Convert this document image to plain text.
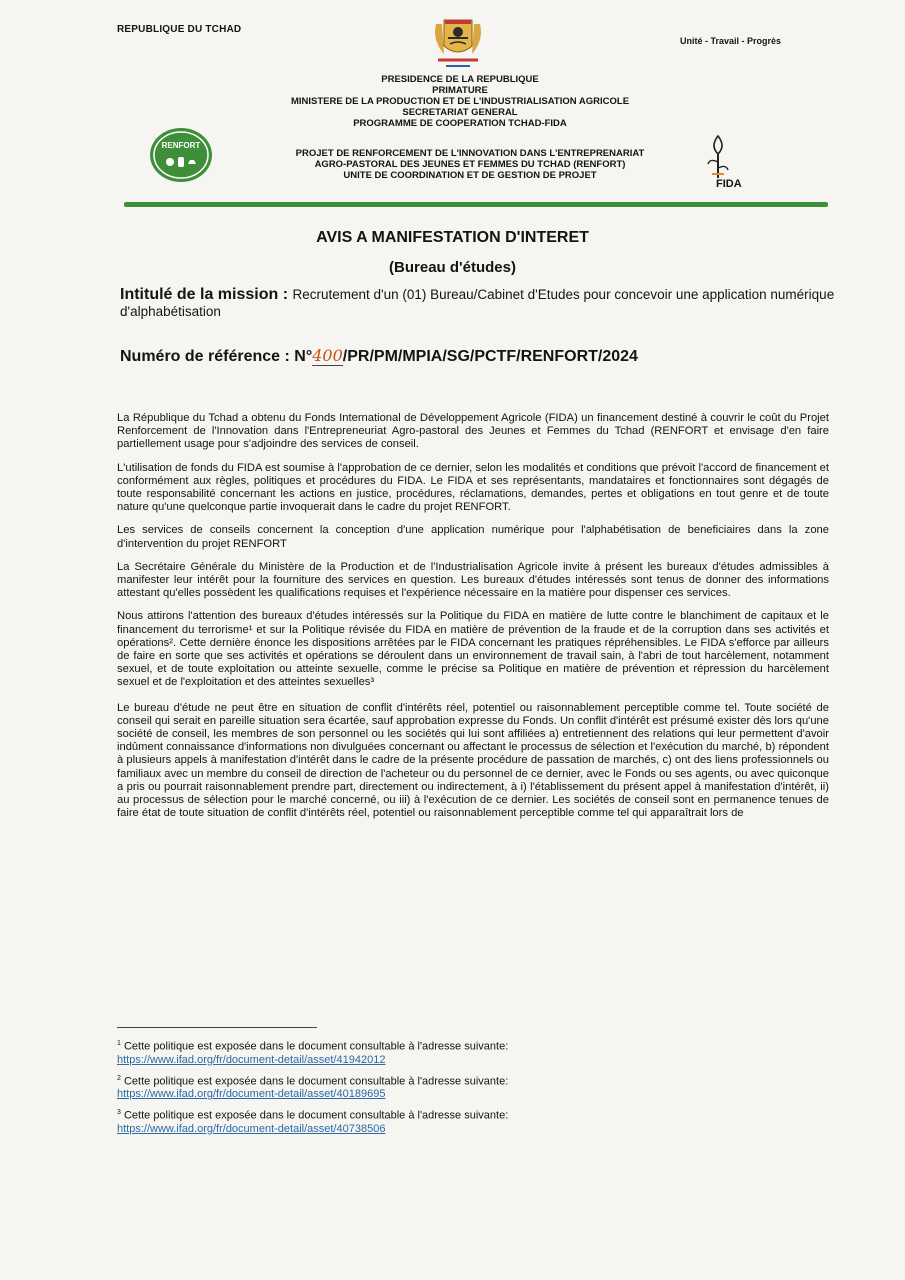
REPUBLIQUE DU TCHAD
Unité - Travail - Progrès
PRESIDENCE DE LA REPUBLIQUE
PRIMATURE
MINISTERE DE LA PRODUCTION ET DE L'INDUSTRIALISATION AGRICOLE
SECRETARIAT GENERAL
PROGRAMME DE COOPERATION TCHAD-FIDA
RENFORT
PROJET DE RENFORCEMENT DE L'INNOVATION DANS L'ENTREPRENARIAT
AGRO-PASTORAL DES JEUNES ET FEMMES DU TCHAD (RENFORT)
UNITE DE COORDINATION ET DE GESTION DE PROJET
FIDA
AVIS A MANIFESTATION D'INTERET
(Bureau d'études)
Intitulé de la mission : Recrutement d'un (01) Bureau/Cabinet d'Etudes pour concevoir une application numérique d'alphabétisation
Numéro de référence : N°400/PR/PM/MPIA/SG/PCTF/RENFORT/2024

La République du Tchad a obtenu du Fonds International de Développement Agricole (FIDA) un financement destiné à couvrir le coût du Projet Renforcement de l'Innovation dans l'Entrepreneuriat Agro-pastoral des Jeunes et Femmes du Tchad (RENFORT et envisage d'en faire partiellement usage pour s'adjoindre des services de conseil.

L'utilisation de fonds du FIDA est soumise à l'approbation de ce dernier, selon les modalités et conditions que prévoit l'accord de financement et conformément aux règles, politiques et procédures du FIDA. Le FIDA et ses représentants, mandataires et fonctionnaires sont dégagés de toute responsabilité concernant les actions en justice, procédures, réclamations, demandes, pertes et obligations en tout genre et de toute nature qu'une quelconque partie invoquerait dans le cadre du projet RENFORT.

Les services de conseils concernent la conception d'une application numérique pour l'alphabétisation de beneficiaires dans la zone d'intervention du projet RENFORT

La Secrétaire Générale du Ministère de la Production et de l'Industrialisation Agricole invite à présent les bureaux d'études admissibles à manifester leur intérêt pour la fourniture des services en question. Les bureaux d'études intéressés sont tenus de donner des informations attestant qu'elles possèdent les qualifications requises et l'expérience nécessaire en la matière pour dispenser ces services.

Nous attirons l'attention des bureaux d'études intéressés sur la Politique du FIDA en matière de lutte contre le blanchiment de capitaux et le financement du terrorisme¹ et sur la Politique révisée du FIDA en matière de prévention de la fraude et de la corruption dans ses activités et opérations². Cette dernière énonce les dispositions arrêtées par le FIDA concernant les pratiques répréhensibles. Le FIDA s'efforce par ailleurs de faire en sorte que ses activités et opérations se déroulent dans un environnement de travail sain, à l'abri de tout harcèlement, notamment sexuel, et de toute exploitation ou atteinte sexuelle, comme le précise sa Politique en matière de prévention et répression du harcèlement sexuel et de l'exploitation et des atteintes sexuelles³

Le bureau d'étude ne peut être en situation de conflit d'intérêts réel, potentiel ou raisonnablement perceptible comme tel. Toute société de conseil qui serait en pareille situation sera écartée, sauf approbation expresse du Fonds. Un conflit d'intérêt est présumé exister dès lors qu'une société de conseil, les membres de son personnel ou les sociétés qui lui sont affiliées a) entretiennent des relations qui leur permettent d'avoir indûment connaissance d'informations non divulguées concernant ou affectant le processus de sélection et l'exécution du marché, b) répondent à plusieurs appels à manifestation d'intérêt dans le cadre de la présente procédure de passation de marchés, c) ont des liens professionnels ou familiaux avec un membre du conseil de direction de l'acheteur ou du personnel de ce dernier, avec le Fonds ou ses agents, ou avec quiconque a pris ou pourrait raisonnablement prendre part, directement ou indirectement, à i) l'établissement du présent appel à manifestation d'intérêt, ii) au processus de sélection pour le marché concerné, ou iii) à l'exécution de ce dernier. Les sociétés de conseil sont en permanence tenues de faire état de toute situation de conflit d'intérêts réel, potentiel ou raisonnablement perceptible comme tel qui apparaîtrait lors de

$^1$ Cette politique est exposée dans le document consultable à l'adresse suivante:
https://www.ifad.org/fr/document-detail/asset/41942012
$^2$ Cette politique est exposée dans le document consultable à l'adresse suivante:
https://www.ifad.org/fr/document-detail/asset/40189695
$^3$ Cette politique est exposée dans le document consultable à l'adresse suivante:
https://www.ifad.org/fr/document-detail/asset/40738506
